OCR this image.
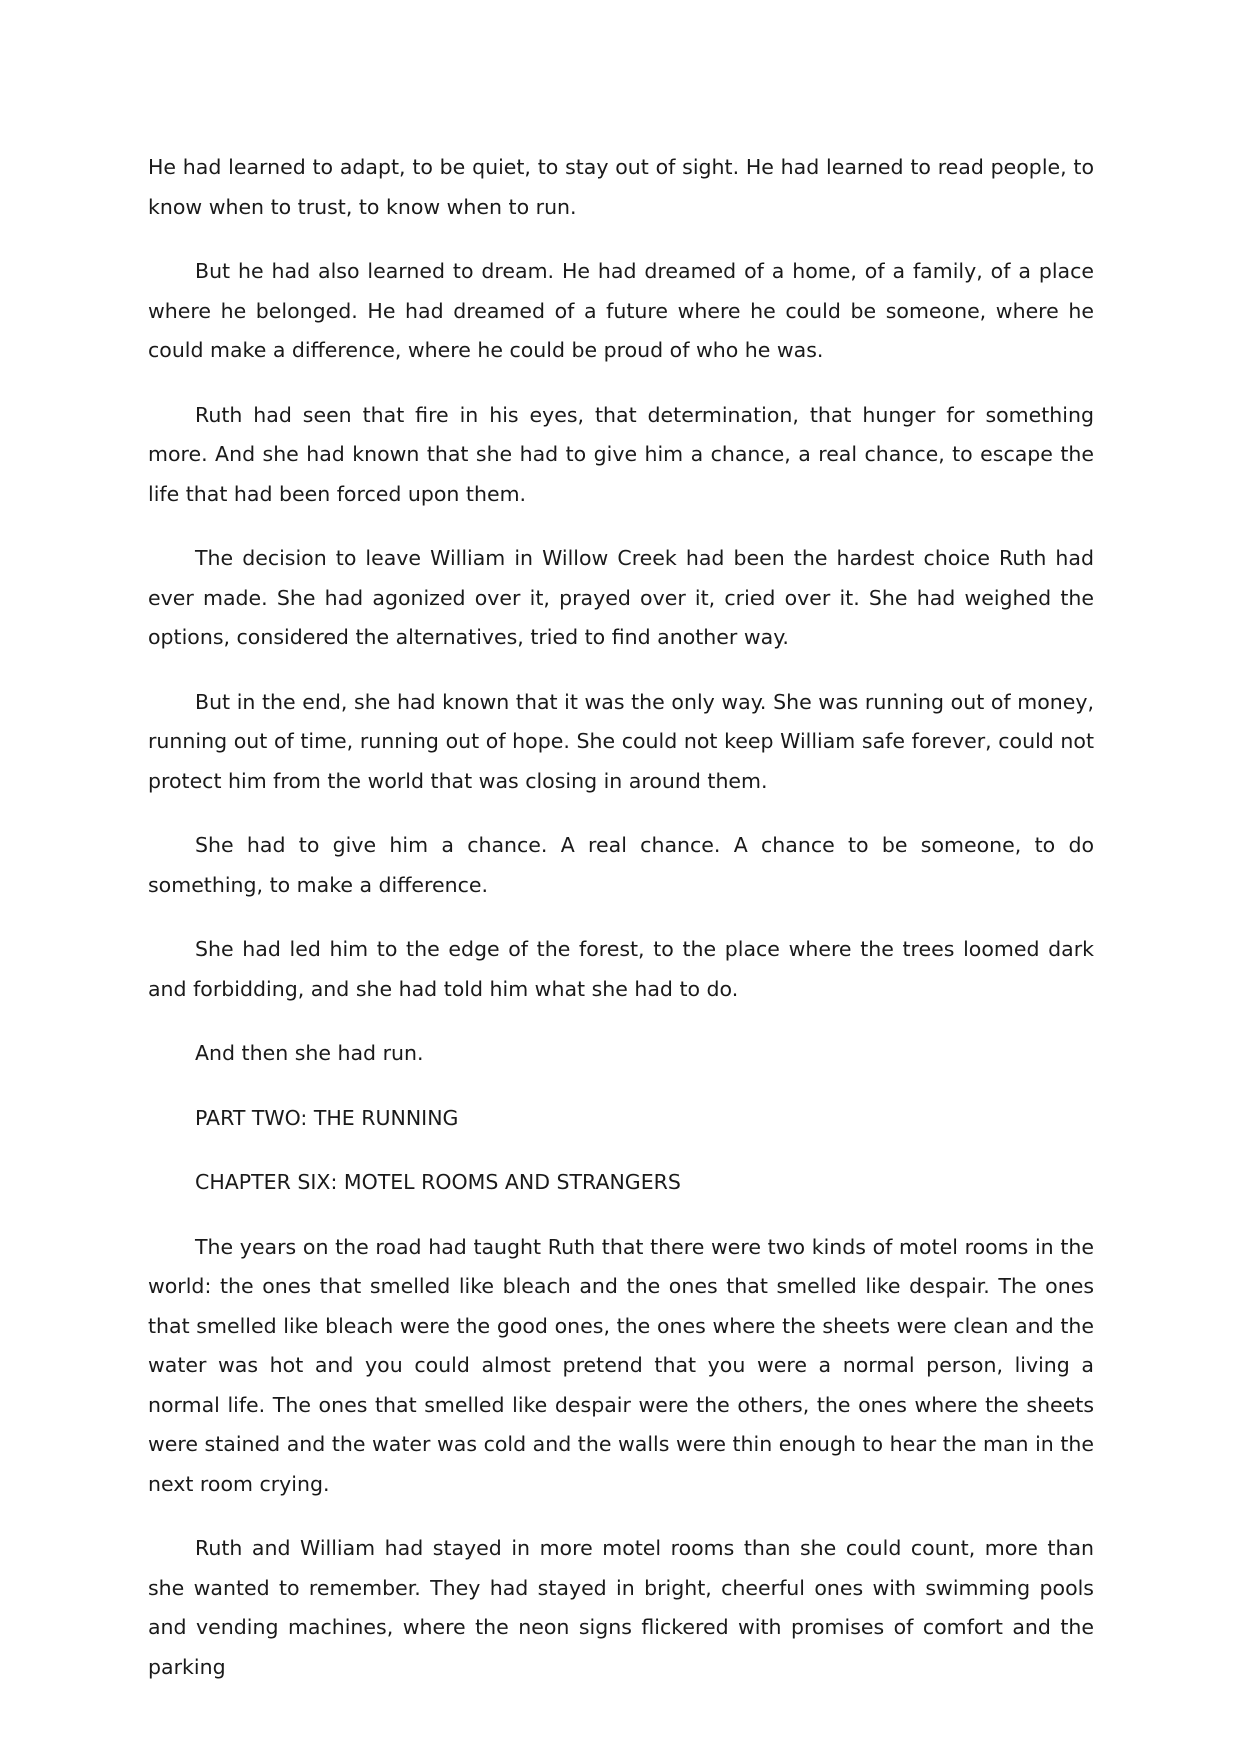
He had learned to adapt, to be quiet, to stay out of sight. He had learned to read people, to know when to trust, to know when to run.

But he had also learned to dream. He had dreamed of a home, of a family, of a place where he belonged. He had dreamed of a future where he could be someone, where he could make a difference, where he could be proud of who he was.

Ruth had seen that fire in his eyes, that determination, that hunger for something more. And she had known that she had to give him a chance, a real chance, to escape the life that had been forced upon them.

The decision to leave William in Willow Creek had been the hardest choice Ruth had ever made. She had agonized over it, prayed over it, cried over it. She had weighed the options, considered the alternatives, tried to find another way.

But in the end, she had known that it was the only way. She was running out of money, running out of time, running out of hope. She could not keep William safe forever, could not protect him from the world that was closing in around them.

She had to give him a chance. A real chance. A chance to be someone, to do something, to make a difference.

She had led him to the edge of the forest, to the place where the trees loomed dark and forbidding, and she had told him what she had to do.

And then she had run.

PART TWO: THE RUNNING

CHAPTER SIX: MOTEL ROOMS AND STRANGERS

The years on the road had taught Ruth that there were two kinds of motel rooms in the world: the ones that smelled like bleach and the ones that smelled like despair. The ones that smelled like bleach were the good ones, the ones where the sheets were clean and the water was hot and you could almost pretend that you were a normal person, living a normal life. The ones that smelled like despair were the others, the ones where the sheets were stained and the water was cold and the walls were thin enough to hear the man in the next room crying.

Ruth and William had stayed in more motel rooms than she could count, more than she wanted to remember. They had stayed in bright, cheerful ones with swimming pools and vending machines, where the neon signs flickered with promises of comfort and the parking
